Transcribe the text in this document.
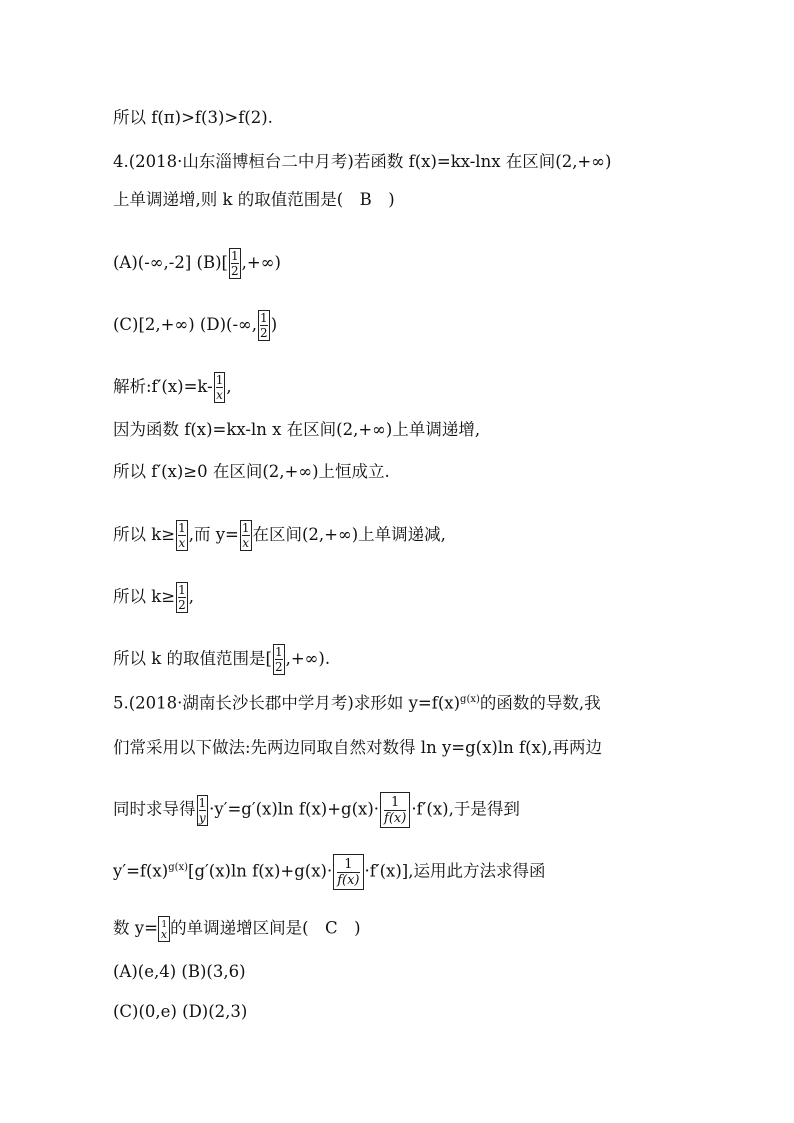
所以 f(π)>f(3)>f(2).
4.(2018·山东淄博桓台二中月考)若函数 f(x)=kx-lnx 在区间(2,+∞)
上单调递增,则 k 的取值范围是(　B　)
(A)(-∞,-2] $(B)[ \frac{1}{2}$ ,+∞)
(C)[2,+∞) (D)(-∞, $\frac{1}{2}$ )
解析:f′(x)=k- $\frac{1}{x}$ ,
因为函数 f(x)=kx-ln x 在区间(2,+∞)上单调递增,
所以 f′(x)≥0 在区间(2,+∞)上恒成立.
所以 $k\ge \frac{1}{x}$ ,而 $y= \frac{1}{x}$ 在区间(2,+∞)上单调递减,
所以 $k\ge \frac{1}{2}$ ,
所以 k 的取值范围是[ $\frac{1}{2}$ ,+∞).
5.(2018·湖南长沙长郡中学月考)求形如 $y=f(x)^{g(x)}$的函数的导数,我
们常采用以下做法:先两边同取自然对数得 ln y=g(x)ln f(x),再两边
同时求导得 $\frac{1}{y} \cdot y'=g'(x)\ln$ $f(x)+g(x)\cdot \frac{1}{f(x)} \cdot f'(x)$,于是得到
$y'=f(x)^{g(x)}[g'(x)\ln$ $f(x)+g(x)\cdot \frac{1}{f(x)} \cdot f'(x)$],运用此方法求得函
数 y= x
1 的单调递增区间是(　C　)
(A)(e,4) (B)(3,6)
(C)(0,e) (D)(2,3)
